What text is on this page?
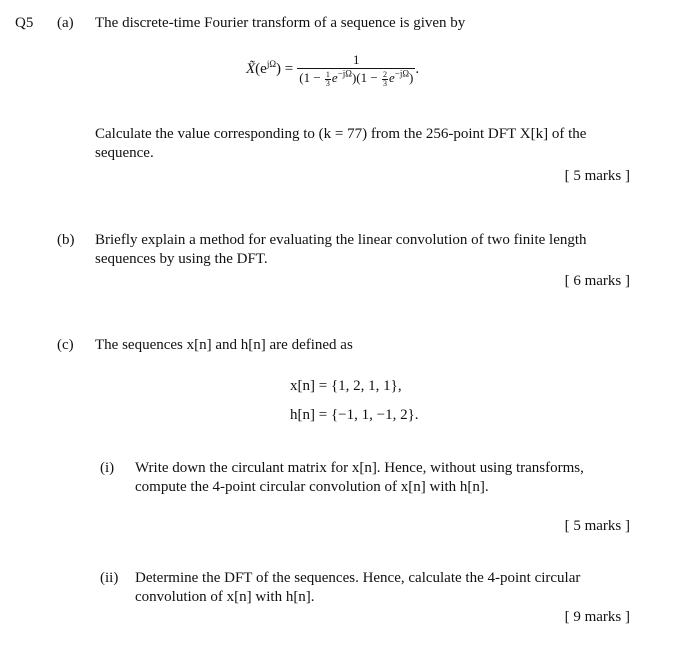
Q5 (a) The discrete-time Fourier transform of a sequence is given by
$X̃(e^{j\Omega}) = \frac{1}{(1 - \frac{1}{3} e^{-j\Omega})(1 - \frac{2}{3} e^{-j\Omega})}$ .
Calculate the value corresponding to (k = 77) from the 256-point DFT X[k] of the
sequence.
[ 5 marks ]
(b) Briefly explain a method for evaluating the linear convolution of two finite length
sequences by using the DFT.
[ 6 marks ]
(c) The sequences x[n] and h[n] are defined as
x[n] = {1, 2, 1, 1},
h[n] = {−1, 1, −1, 2}.
(i) Write down the circulant matrix for x[n]. Hence, without using transforms,
compute the 4-point circular convolution of x[n] with h[n].
[ 5 marks ]
(ii) Determine the DFT of the sequences. Hence, calculate the 4-point circular
convolution of x[n] with h[n].
[ 9 marks ]
